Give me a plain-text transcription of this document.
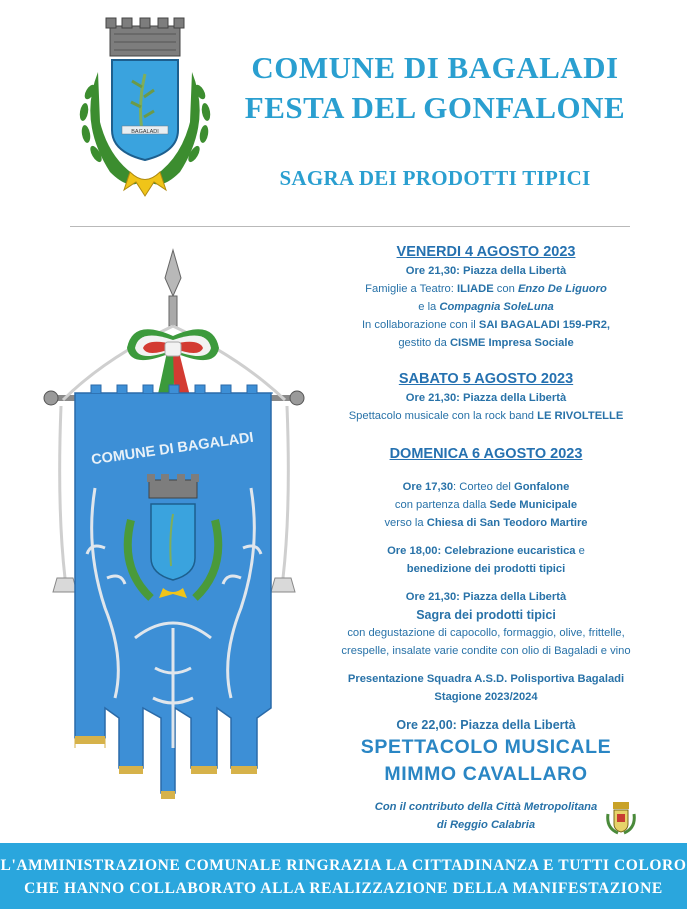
BAGALADI
COMUNE DI BAGALADI
FESTA DEL GONFALONE
SAGRA DEI PRODOTTI TIPICI
COMUNE DI BAGALADI
VENERDI 4 AGOSTO 2023
Ore 21,30: Piazza della Libertà
Famiglie a Teatro: ILIADE con Enzo De Liguoro
e la Compagnia SoleLuna
In collaborazione con il SAI BAGALADI 159-PR2,
gestito da CISME Impresa Sociale
SABATO 5 AGOSTO 2023
Ore 21,30: Piazza della Libertà
Spettacolo musicale con la rock band LE RIVOLTELLE
DOMENICA 6 AGOSTO 2023
Ore 17,30: Corteo del Gonfalone
con partenza dalla Sede Municipale
verso la Chiesa di San Teodoro Martire
Ore 18,00: Celebrazione eucaristica e
benedizione dei prodotti tipici
Ore 21,30: Piazza della Libertà
Sagra dei prodotti tipici
con degustazione di capocollo, formaggio, olive, frittelle,
crespelle, insalate varie condite con olio di Bagaladi e vino
Presentazione Squadra A.S.D. Polisportiva Bagaladi
Stagione 2023/2024
Ore 22,00: Piazza della Libertà
SPETTACOLO MUSICALE
MIMMO CAVALLARO
Con il contributo della Città Metropolitana
di Reggio Calabria
L'AMMINISTRAZIONE COMUNALE RINGRAZIA LA CITTADINANZA E TUTTI COLORO
CHE HANNO COLLABORATO ALLA REALIZZAZIONE DELLA MANIFESTAZIONE
